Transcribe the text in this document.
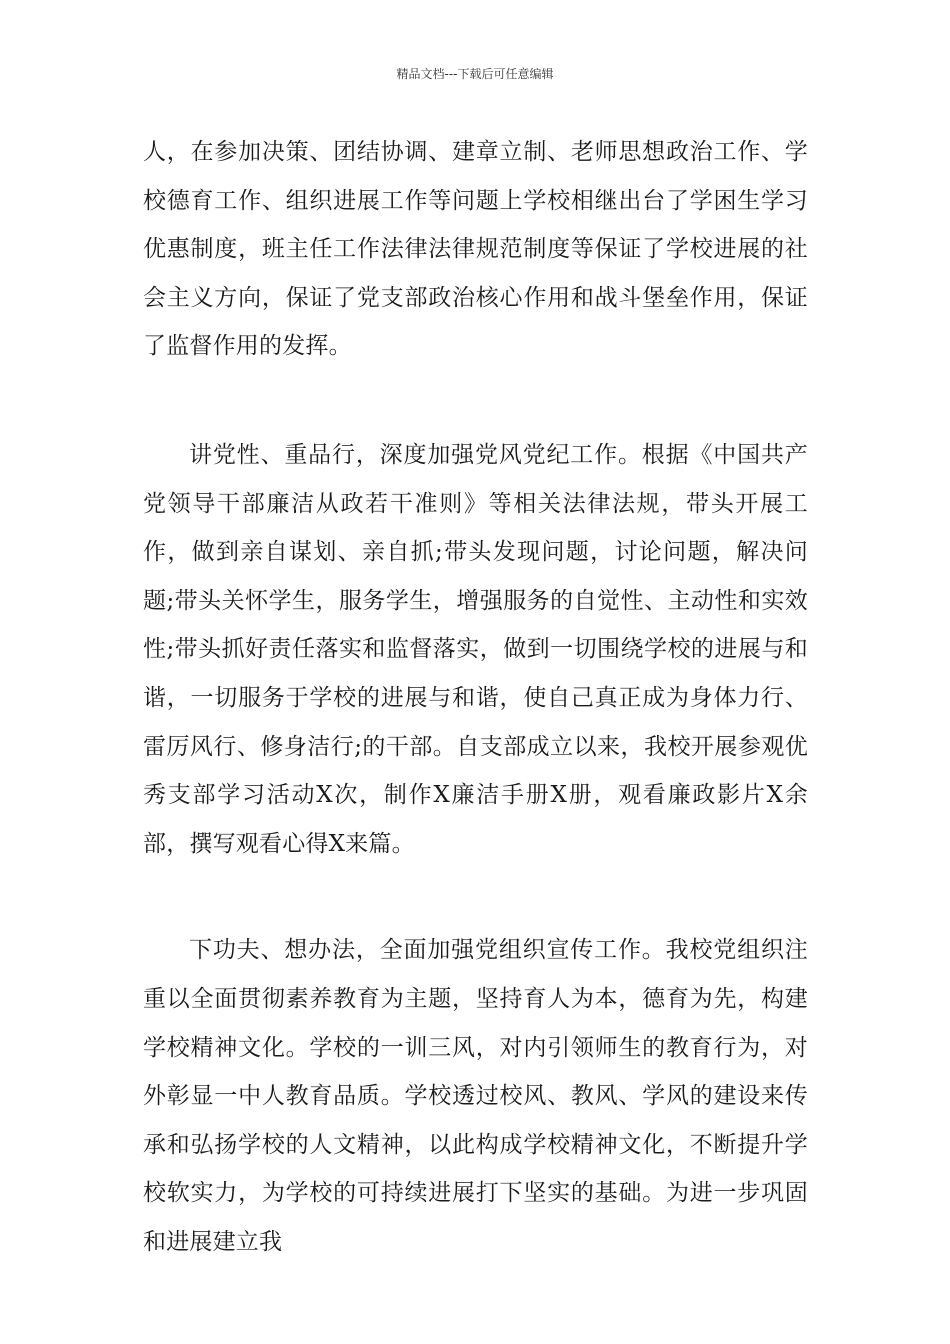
精品文档---下载后可任意编辑

人，在参加决策、团结协调、建章立制、老师思想政治工作、学校德育工作、组织进展工作等问题上学校相继出台了学困生学习优惠制度，班主任工作法律法律规范制度等保证了学校进展的社会主义方向，保证了党支部政治核心作用和战斗堡垒作用，保证了监督作用的发挥。

讲党性、重品行，深度加强党风党纪工作。根据《中国共产党领导干部廉洁从政若干准则》等相关法律法规，带头开展工作，做到亲自谋划、亲自抓;带头发现问题，讨论问题，解决问题;带头关怀学生，服务学生，增强服务的自觉性、主动性和实效性;带头抓好责任落实和监督落实，做到一切围绕学校的进展与和谐，一切服务于学校的进展与和谐，使自己真正成为身体力行、雷厉风行、修身洁行;的干部。自支部成立以来，我校开展参观优秀支部学习活动X次，制作X廉洁手册X册，观看廉政影片X余部，撰写观看心得X来篇。

下功夫、想办法，全面加强党组织宣传工作。我校党组织注重以全面贯彻素养教育为主题，坚持育人为本，德育为先，构建学校精神文化。学校的一训三风，对内引领师生的教育行为，对外彰显一中人教育品质。学校透过校风、教风、学风的建设来传承和弘扬学校的人文精神，以此构成学校精神文化，不断提升学校软实力，为学校的可持续进展打下坚实的基础。为进一步巩固和进展建立我
